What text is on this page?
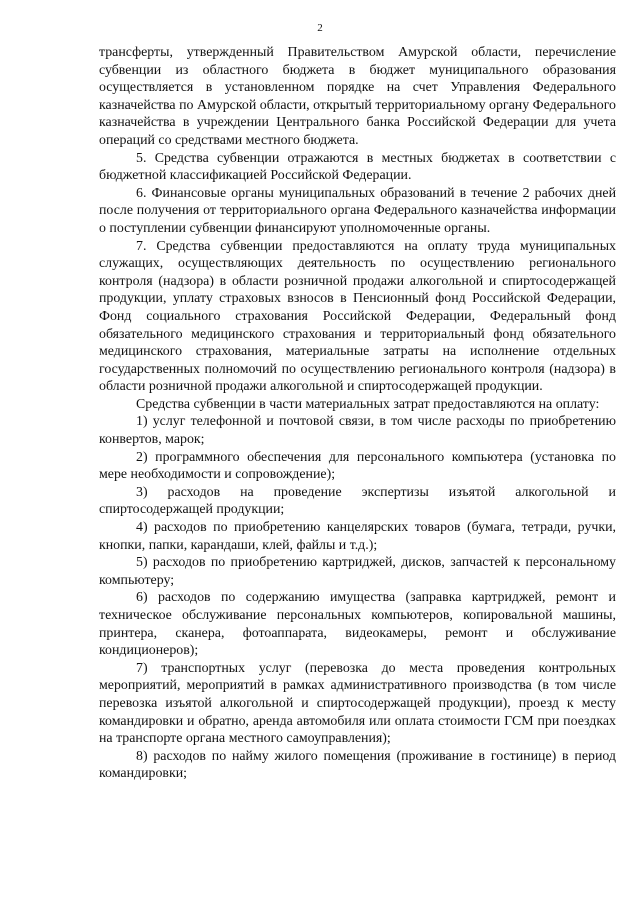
2

трансферты, утвержденный Правительством Амурской области, перечисление субвенции из областного бюджета в бюджет муниципального образования осуществляется в установленном порядке на счет Управления Федерального казначейства по Амурской области, открытый территориальному органу Федерального казначейства в учреждении Центрального банка Российской Федерации для учета операций со средствами местного бюджета.

5. Средства субвенции отражаются в местных бюджетах в соответствии с бюджетной классификацией Российской Федерации.

6. Финансовые органы муниципальных образований в течение 2 рабочих дней после получения от территориального органа Федерального казначейства информации о поступлении субвенции финансируют уполномоченные органы.

7. Средства субвенции предоставляются на оплату труда муниципальных служащих, осуществляющих деятельность по осуществлению регионального контроля (надзора) в области розничной продажи алкогольной и спиртосодержащей продукции, уплату страховых взносов в Пенсионный фонд Российской Федерации, Фонд социального страхования Российской Федерации, Федеральный фонд обязательного медицинского страхования и территориальный фонд обязательного медицинского страхования, материальные затраты на исполнение отдельных государственных полномочий по осуществлению регионального контроля (надзора) в области розничной продажи алкогольной и спиртосодержащей продукции.

Средства субвенции в части материальных затрат предоставляются на оплату:

1) услуг телефонной и почтовой связи, в том числе расходы по приобретению конвертов, марок;

2) программного обеспечения для персонального компьютера (установка по мере необходимости и сопровождение);

3) расходов на проведение экспертизы изъятой алкогольной и спиртосодержащей продукции;

4) расходов по приобретению канцелярских товаров (бумага, тетради, ручки, кнопки, папки, карандаши, клей, файлы и т.д.);

5) расходов по приобретению картриджей, дисков, запчастей к персональному компьютеру;

6) расходов по содержанию имущества (заправка картриджей, ремонт и техническое обслуживание персональных компьютеров, копировальной машины, принтера, сканера, фотоаппарата, видеокамеры, ремонт и обслуживание кондиционеров);

7) транспортных услуг (перевозка до места проведения контрольных мероприятий, мероприятий в рамках административного производства (в том числе перевозка изъятой алкогольной и спиртосодержащей продукции), проезд к месту командировки и обратно, аренда автомобиля или оплата стоимости ГСМ при поездках на транспорте органа местного самоуправления);

8) расходов по найму жилого помещения (проживание в гостинице) в период командировки;
